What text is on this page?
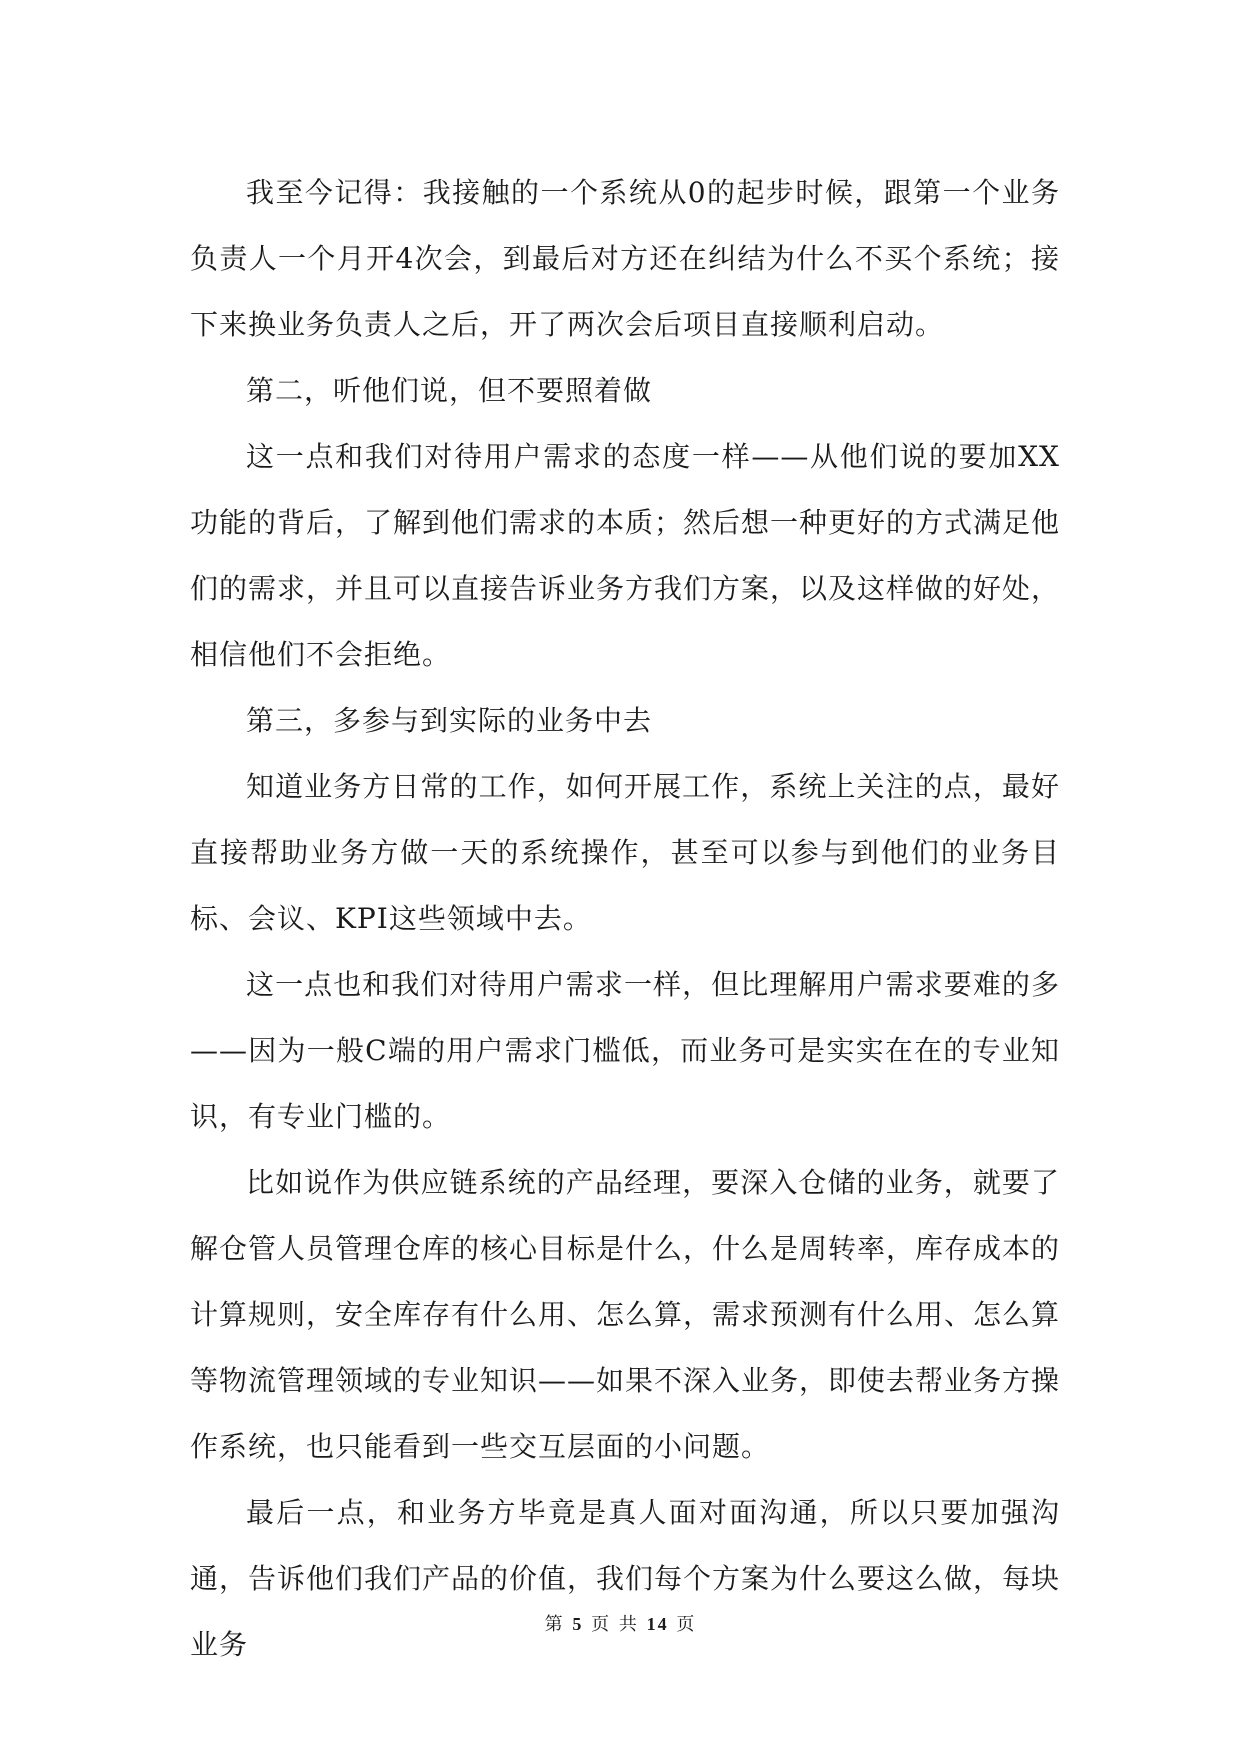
我至今记得：我接触的一个系统从0的起步时候，跟第一个业务负责人一个月开4次会，到最后对方还在纠结为什么不买个系统；接下来换业务负责人之后，开了两次会后项目直接顺利启动。

第二，听他们说，但不要照着做

这一点和我们对待用户需求的态度一样——从他们说的要加XX功能的背后，了解到他们需求的本质；然后想一种更好的方式满足他们的需求，并且可以直接告诉业务方我们方案，以及这样做的好处，相信他们不会拒绝。

第三，多参与到实际的业务中去

知道业务方日常的工作，如何开展工作，系统上关注的点，最好直接帮助业务方做一天的系统操作，甚至可以参与到他们的业务目标、会议、KPI这些领域中去。

这一点也和我们对待用户需求一样，但比理解用户需求要难的多——因为一般C端的用户需求门槛低，而业务可是实实在在的专业知识，有专业门槛的。

比如说作为供应链系统的产品经理，要深入仓储的业务，就要了解仓管人员管理仓库的核心目标是什么，什么是周转率，库存成本的计算规则，安全库存有什么用、怎么算，需求预测有什么用、怎么算等物流管理领域的专业知识——如果不深入业务，即使去帮业务方操作系统，也只能看到一些交互层面的小问题。

最后一点，和业务方毕竟是真人面对面沟通，所以只要加强沟通，告诉他们我们产品的价值，我们每个方案为什么要这么做，每块业务

第 5 页 共 14 页
